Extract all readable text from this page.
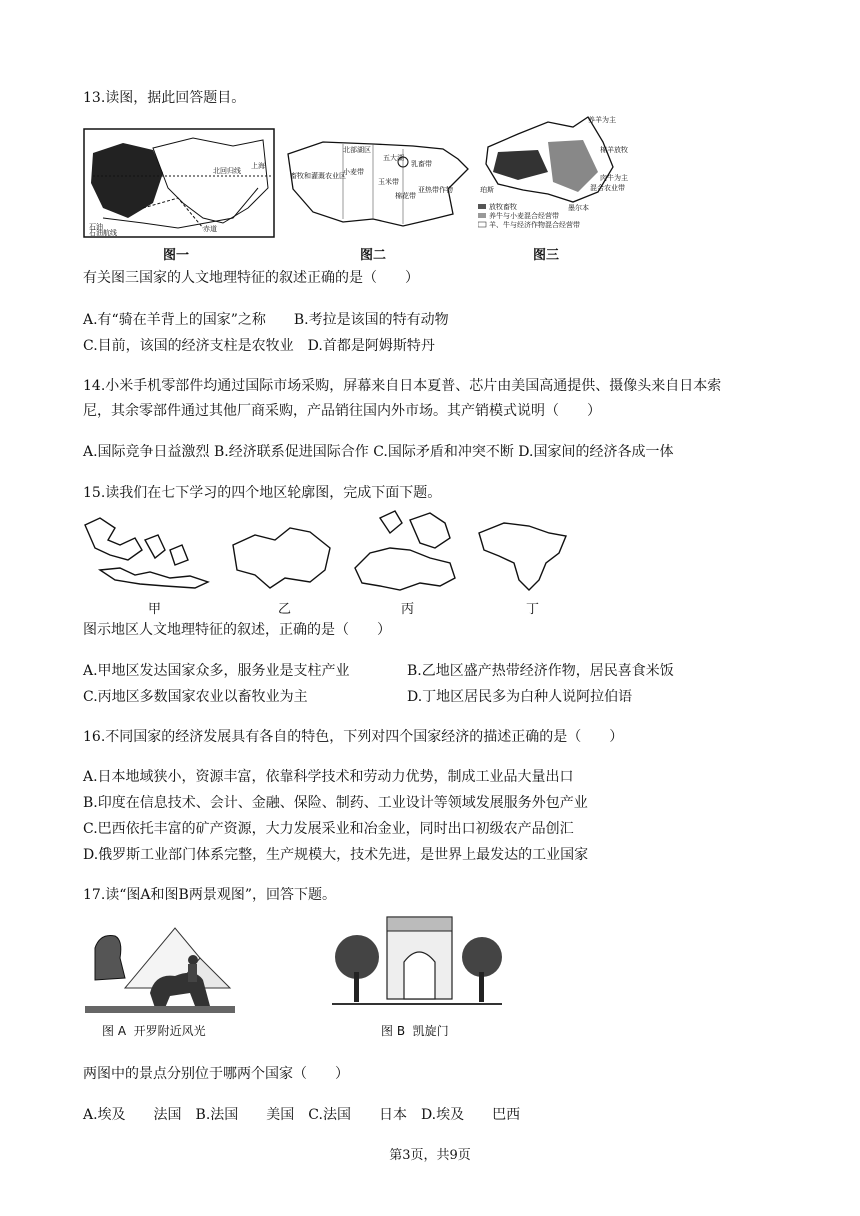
13.读图，据此回答题目。
北回归线
上海
赤道
石油
石油航线
五大湖
乳畜带
小麦带
玉米带
棉花带
畜牧和灌溉农业区
亚热带作物
北部湖区
放牧畜牧
养牛与小麦混合经营带
羊、牛与经济作物混合经营带
养羊为主
棉羊放牧
肉牛为主
墨尔本
珀斯	混合农业带
图一	图二	图三
有关图三国家的人文地理特征的叙述正确的是（　　）
A.有“骑在羊背上的国家”之称　　B.考拉是该国的特有动物
C.目前，该国的经济支柱是农牧业　D.首都是阿姆斯特丹
14.小米手机零部件均通过国际市场采购，屏幕来自日本夏普、芯片由美国高通提供、摄像头来自日本索
尼，其余零部件通过其他厂商采购，产品销往国内外市场。其产销模式说明（　　）
A.国际竞争日益激烈 B.经济联系促进国际合作 C.国际矛盾和冲突不断 D.国家间的经济各成一体
15.读我们在七下学习的四个地区轮廓图，完成下面下题。
甲	乙	丙	丁
图示地区人文地理特征的叙述，正确的是（　　）
A.甲地区发达国家众多，服务业是支柱产业	B.乙地区盛产热带经济作物，居民喜食米饭
C.丙地区多数国家农业以畜牧业为主	D.丁地区居民多为白种人说阿拉伯语
16.不同国家的经济发展具有各自的特色，下列对四个国家经济的描述正确的是（　　）
A.日本地域狭小，资源丰富，依靠科学技术和劳动力优势，制成工业品大量出口
B.印度在信息技术、会计、金融、保险、制药、工业设计等领域发展服务外包产业
C.巴西依托丰富的矿产资源，大力发展采业和冶金业，同时出口初级农产品创汇
D.俄罗斯工业部门体系完整，生产规模大，技术先进，是世界上最发达的工业国家
17.读“图A和图B两景观图”，回答下题。
图 A  开罗附近风光	图 B  凯旋门
两图中的景点分别位于哪两个国家（　　）
A.埃及　　法国　B.法国　　美国　C.法国　　日本　D.埃及　　巴西
第3页，共9页
